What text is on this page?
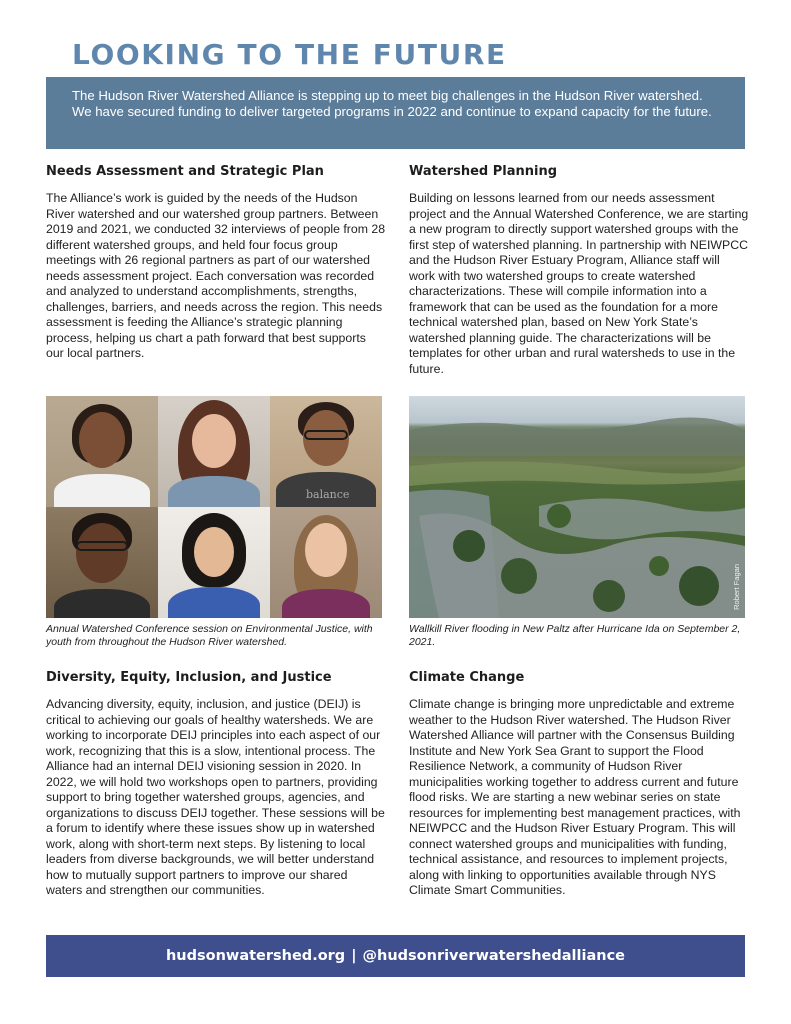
LOOKING TO THE FUTURE

The Hudson River Watershed Alliance is stepping up to meet big challenges in the Hudson River watershed. We have secured funding to deliver targeted programs in 2022 and continue to expand capacity for the future.

Needs Assessment and Strategic Plan

The Alliance’s work is guided by the needs of the Hudson River watershed and our watershed group partners. Between 2019 and 2021, we conducted 32 interviews of people from 28 different watershed groups, and held four focus group meetings with 26 regional partners as part of our watershed needs assessment project. Each conversation was recorded and analyzed to understand accomplishments, strengths, challenges, barriers, and needs across the region. This needs assessment is feeding the Alliance’s strategic planning process, helping us chart a path forward that best supports our local partners.

Watershed Planning

Building on lessons learned from our needs assessment project and the Annual Watershed Conference, we are starting a new program to directly support watershed groups with the first step of watershed planning. In partnership with NEIWPCC and the Hudson River Estuary Program, Alliance staff will work with two watershed groups to create watershed characterizations. These will compile information into a framework that can be used as the foundation for a more technical watershed plan, based on New York State’s watershed planning guide. The characterizations will be templates for other urban and rural watersheds to use in the future.

balance
Robert Fagan

Annual Watershed Conference session on Environmental Justice, with youth from throughout the Hudson River watershed.

Wallkill River flooding in New Paltz after Hurricane Ida on September 2, 2021.

Diversity, Equity, Inclusion, and Justice

Advancing diversity, equity, inclusion, and justice (DEIJ) is critical to achieving our goals of healthy watersheds. We are working to incorporate DEIJ principles into each aspect of our work, recognizing that this is a slow, intentional process. The Alliance had an internal DEIJ visioning session in 2020. In 2022, we will hold two workshops open to partners, providing support to bring together watershed groups, agencies, and organizations to discuss DEIJ together. These sessions will be a forum to identify where these issues show up in watershed work, along with short-term next steps. By listening to local leaders from diverse backgrounds, we will better understand how to mutually support partners to improve our shared waters and strengthen our communities.

Climate Change

Climate change is bringing more unpredictable and extreme weather to the Hudson River watershed. The Hudson River Watershed Alliance will partner with the Consensus Building Institute and New York Sea Grant to support the Flood Resilience Network, a community of Hudson River municipalities working together to address current and future flood risks. We are starting a new webinar series on state resources for implementing best management practices, with NEIWPCC and the Hudson River Estuary Program. This will connect watershed groups and municipalities with funding, technical assistance, and resources to implement projects, along with linking to opportunities available through NYS Climate Smart Communities.

hudsonwatershed.org | @hudsonriverwatershedalliance
